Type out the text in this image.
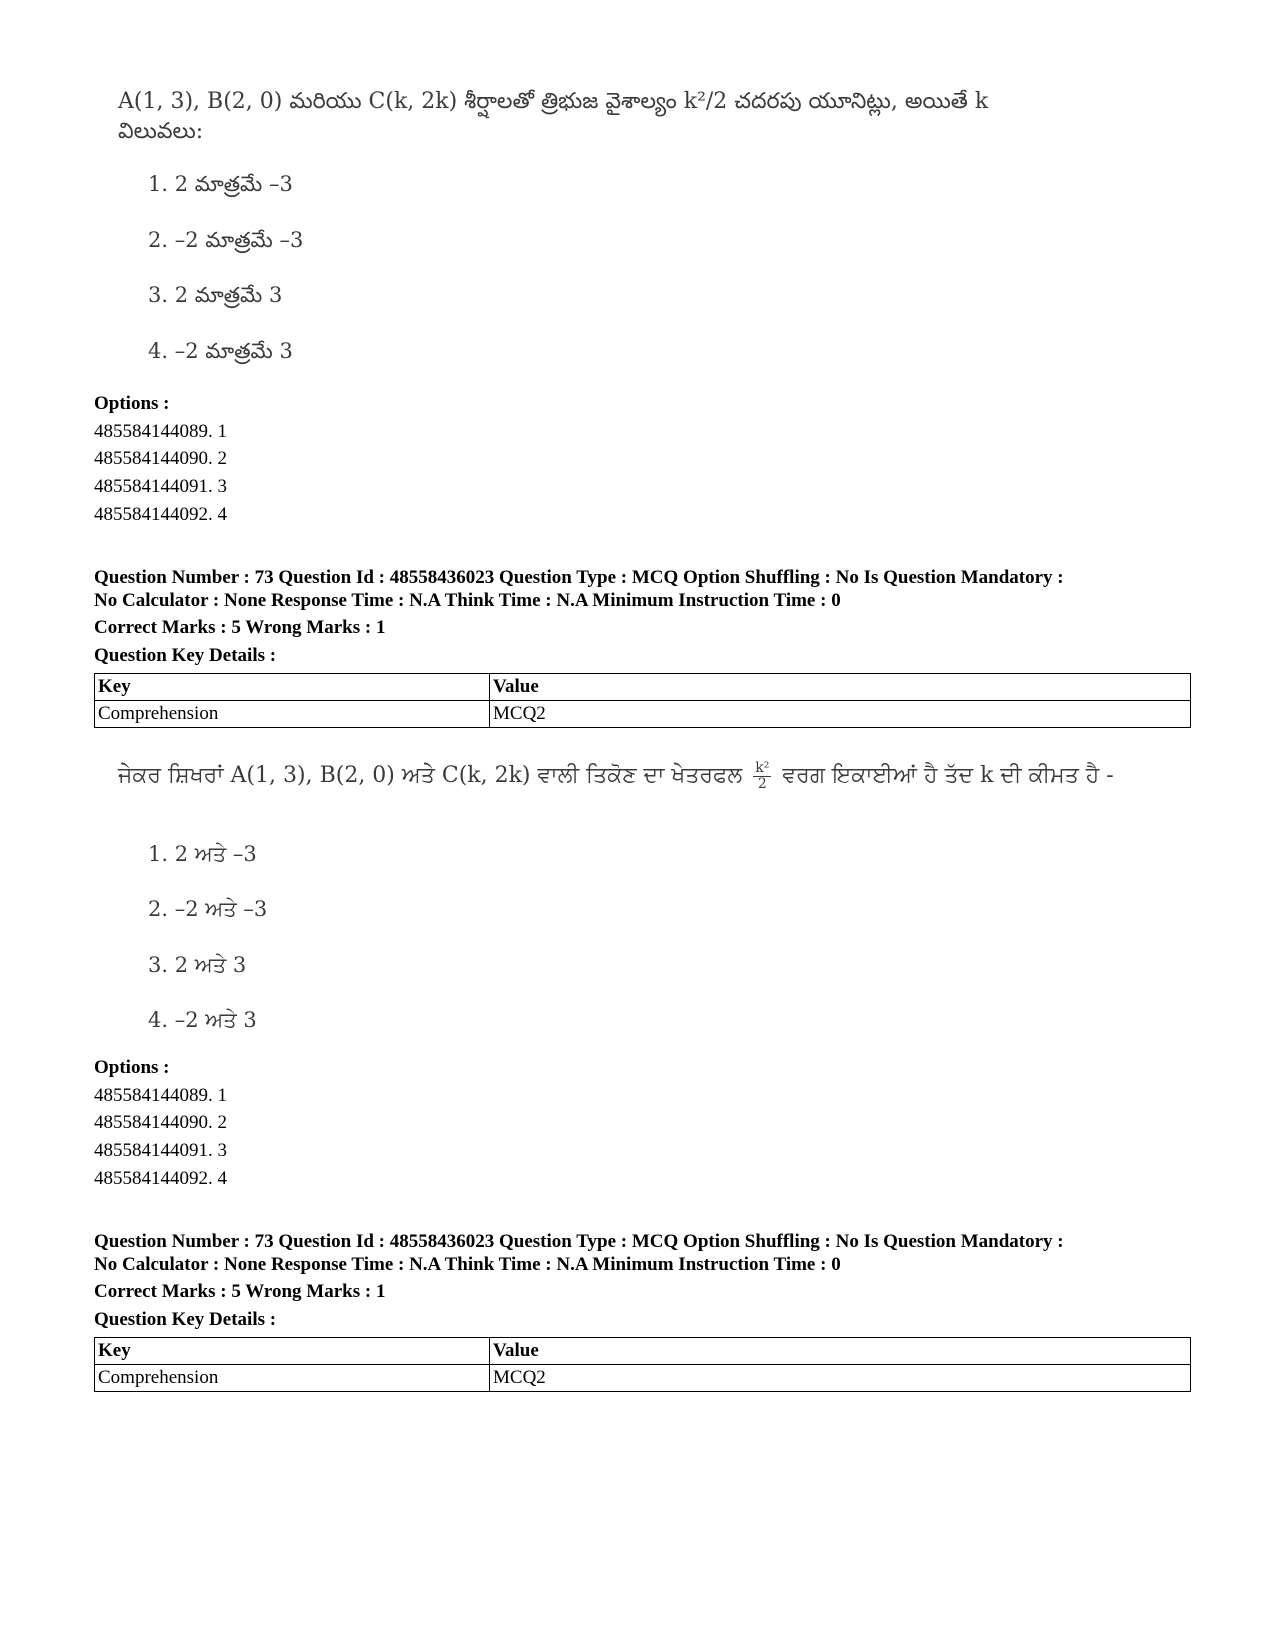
A(1, 3), B(2, 0) మరియు C(k, 2k) శీర్షాలతో త్రిభుజ వైశాల్యం k²/2 చదరపు యూనిట్లు, అయితే k
విలువలు:
1. 2 మాత్రమే –3
2. –2 మాత్రమే –3
3. 2 మాత్రమే 3
4. –2 మాత్రమే 3
Options :
485584144089. 1
485584144090. 2
485584144091. 3
485584144092. 4
Question Number : 73 Question Id : 48558436023 Question Type : MCQ Option Shuffling : No Is Question Mandatory :
No Calculator : None Response Time : N.A Think Time : N.A Minimum Instruction Time : 0
Correct Marks : 5 Wrong Marks : 1
Question Key Details :
Key	Value
Comprehension	MCQ2
ਜੇਕਰ ਸ਼ਿਖਰਾਂ A(1, 3), B(2, 0) ਅਤੇ C(k, 2k) ਵਾਲੀ ਤਿਕੋਣ ਦਾ ਖੇਤਰਫਲ $\frac{\text{k²}}{2}$ ਵਰਗ ਇਕਾਈਆਂ ਹੈ ਤੱਦ k ਦੀ ਕੀਮਤ ਹੈ -
1. 2 ਅਤੇ –3
2. –2 ਅਤੇ –3
3. 2 ਅਤੇ 3
4. –2 ਅਤੇ 3
Options :
485584144089. 1
485584144090. 2
485584144091. 3
485584144092. 4
Question Number : 73 Question Id : 48558436023 Question Type : MCQ Option Shuffling : No Is Question Mandatory :
No Calculator : None Response Time : N.A Think Time : N.A Minimum Instruction Time : 0
Correct Marks : 5 Wrong Marks : 1
Question Key Details :
Key	Value
Comprehension	MCQ2
